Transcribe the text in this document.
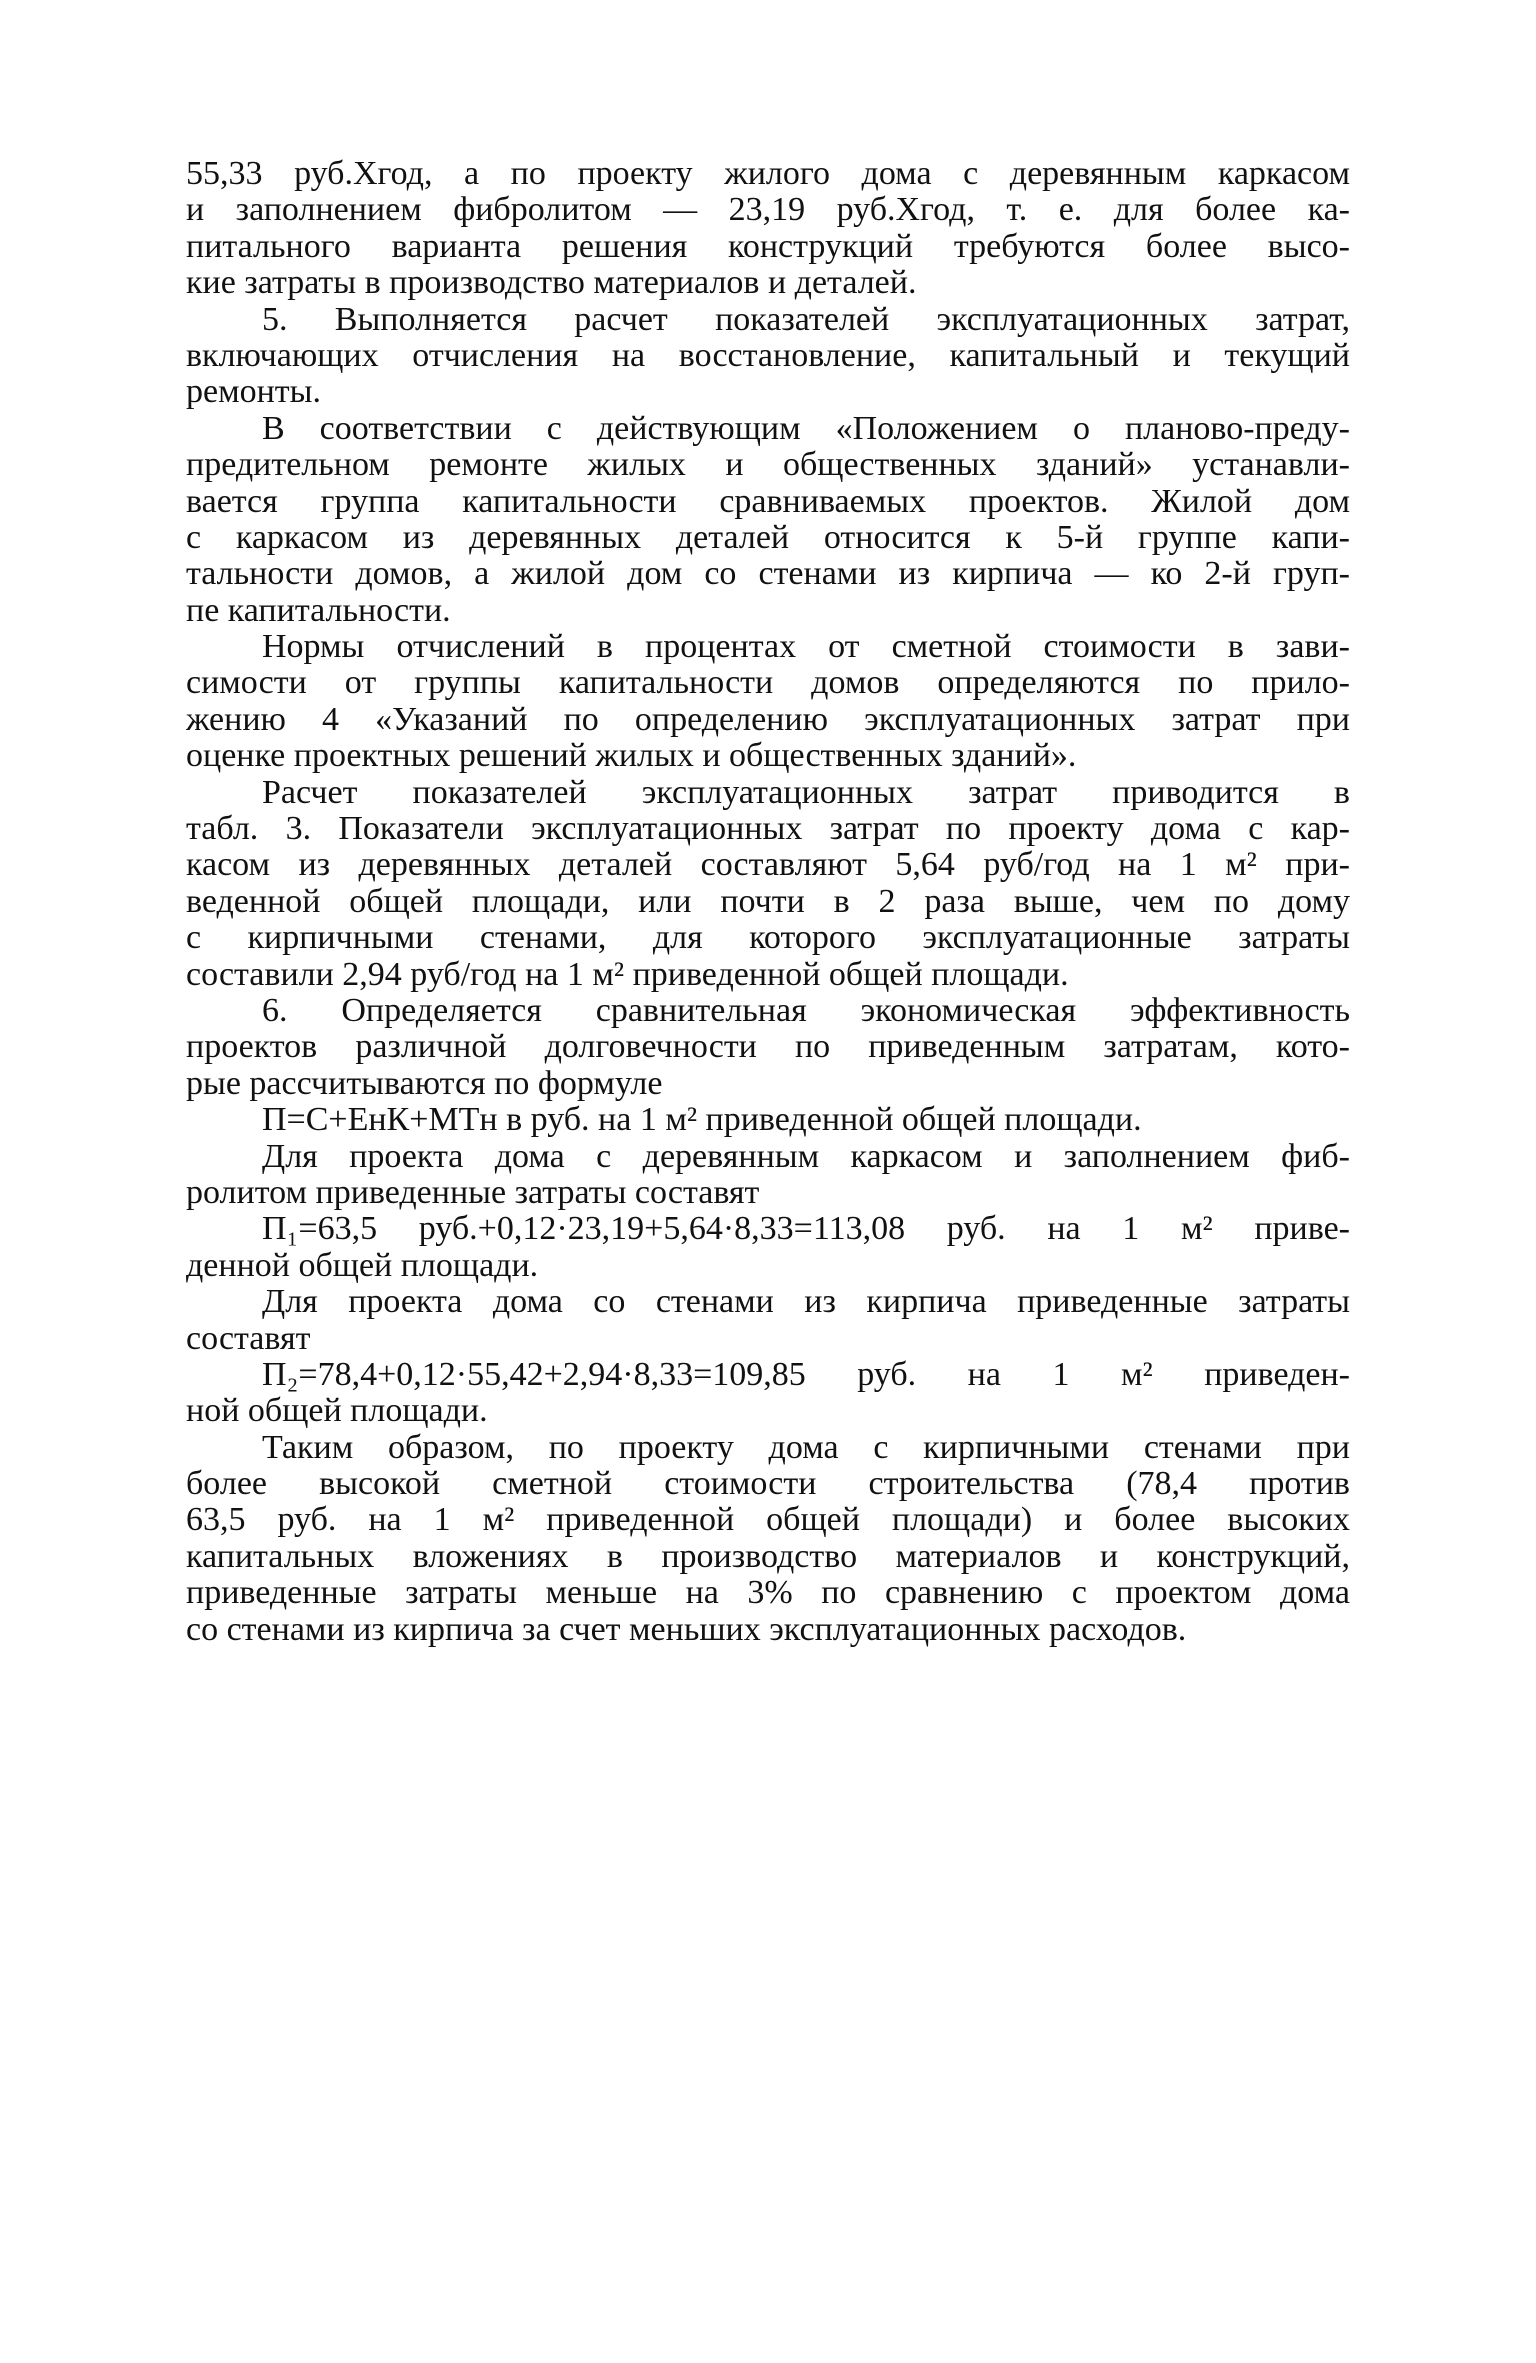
55,33 руб.Хгод, а по проекту жилого дома с деревянным каркасом
и заполнением фибролитом — 23,19 руб.Хгод, т. е. для более ка-
питального варианта решения конструкций требуются более высо-
кие затраты в производство материалов и деталей.
5. Выполняется расчет показателей эксплуатационных затрат,
включающих отчисления на восстановление, капитальный и текущий
ремонты.
В соответствии с действующим «Положением о планово-преду-
предительном ремонте жилых и общественных зданий» устанавли-
вается группа капитальности сравниваемых проектов. Жилой дом
с каркасом из деревянных деталей относится к 5-й группе капи-
тальности домов, а жилой дом со стенами из кирпича — ко 2-й груп-
пе капитальности.
Нормы отчислений в процентах от сметной стоимости в зави-
симости от группы капитальности домов определяются по прило-
жению 4 «Указаний по определению эксплуатационных затрат при
оценке проектных решений жилых и общественных зданий».
Расчет показателей эксплуатационных затрат приводится в
табл. 3. Показатели эксплуатационных затрат по проекту дома с кар-
касом из деревянных деталей составляют 5,64 руб/год на 1 м² при-
веденной общей площади, или почти в 2 раза выше, чем по дому
с кирпичными стенами, для которого эксплуатационные затраты
составили 2,94 руб/год на 1 м² приведенной общей площади.
6. Определяется сравнительная экономическая эффективность
проектов различной долговечности по приведенным затратам, кото-
рые рассчитываются по формуле
П=С+ЕнК+МТн в руб. на 1 м² приведенной общей площади.
Для проекта дома с деревянным каркасом и заполнением фиб-
ролитом приведенные затраты составят
П₁=63,5 руб.+0,12·23,19+5,64·8,33=113,08 руб. на 1 м² приве-
денной общей площади.
Для проекта дома со стенами из кирпича приведенные затраты
составят
П₂=78,4+0,12·55,42+2,94·8,33=109,85 руб. на 1 м² приведен-
ной общей площади.
Таким образом, по проекту дома с кирпичными стенами при
более высокой сметной стоимости строительства (78,4 против
63,5 руб. на 1 м² приведенной общей площади) и более высоких
капитальных вложениях в производство материалов и конструкций,
приведенные затраты меньше на 3% по сравнению с проектом дома
со стенами из кирпича за счет меньших эксплуатационных расходов.
